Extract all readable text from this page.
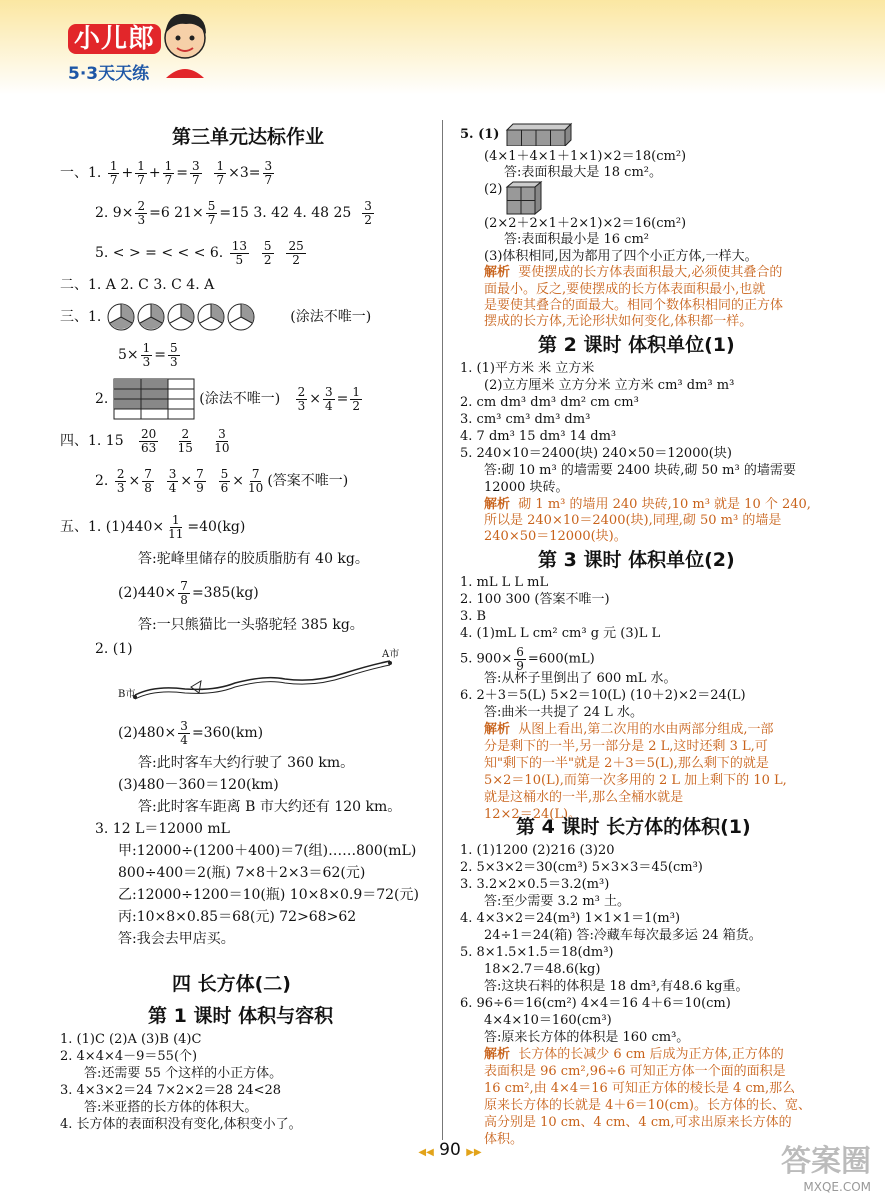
小儿郎
5·3天天练
第三单元达标作业
一、1. $\frac{1}{7} + \frac{1}{7} + \frac{1}{7} = \frac{3}{7}$
$\frac{1}{7} \times 3= \frac{3}{7}$
2. $9\times \frac{2}{3} =6$ $21\times \frac{5}{7} =15$ 3. 42 4. 48 $25 \frac{3}{2}$
5. < > = < < < 6. $\frac{13}{5}$
$\frac{5}{2}$
$\frac{25}{2}$
二、1. A 2. C 3. C 4. A
三、1.	(涂法不唯一)
$5\times \frac{1}{3} = \frac{5}{3}$
2.	(涂法不唯一) $\frac{2}{3} \times \frac{3}{4} = \frac{1}{2}$
四、1. $15 \frac{20}{63}$
$\frac{2}{15}$
$\frac{3}{10}$
2. $\frac{2}{3} \times \frac{7}{8}$
$\frac{3}{4} \times \frac{7}{9}$
$\frac{5}{6} \times \frac{7}{10}$ (答案不唯一)
五、1. $(1)440\times \frac{1}{11} =40(kg)$
答:驼峰里储存的胶质脂肪有 40 kg。
$(2)440\times \frac{7}{8} =385(kg)$
答:一只熊猫比一头骆驼轻 385 kg。
2. (1)	A市
B市
$(2)480\times \frac{3}{4} =360(km)$
答:此时客车大约行驶了 360 km。
(3)480－360＝120(km)
答:此时客车距离 B 市大约还有 120 km。
3. 12 L＝12000 mL
甲:12000÷(1200＋400)＝7(组)……800(mL)
800÷400＝2(瓶) 7×8＋2×3＝62(元)
乙:12000÷1200＝10(瓶) 10×8×0.9＝72(元)
丙:10×8×0.85＝68(元) 72>68>62
答:我会去甲店买。
四 长方体(二)
第 1 课时 体积与容积
1. (1)C (2)A (3)B (4)C
2. 4×4×4－9＝55(个)
答:还需要 55 个这样的小正方体。
3. 4×3×2＝24 7×2×2＝28 24<28
答:米亚搭的长方体的体积大。
4. 长方体的表面积没有变化,体积变小了。
5. (1)
(4×1＋4×1＋1×1)×2＝18(cm²)
答:表面积最大是 18 cm²。
(2)
(2×2＋2×1＋2×1)×2＝16(cm²)
答:表面积最小是 16 cm²
(3)体积相同,因为都用了四个小正方体,一样大。
解析 要使摆成的长方体表面积最大,必须使其叠合的
面最小。反之,要使摆成的长方体表面积最小,也就
是要使其叠合的面最大。相同个数体积相同的正方体
摆成的长方体,无论形状如何变化,体积都一样。
第 2 课时 体积单位(1)
1. (1)平方米 米 立方米
(2)立方厘米 立方分米 立方米 cm³ dm³ m³
2. cm dm³ dm³ dm² cm cm³
3. cm³ cm³ dm³ dm³
4. 7 dm³ 15 dm³ 14 dm³
5. 240×10＝2400(块) 240×50＝12000(块)
答:砌 10 m³ 的墙需要 2400 块砖,砌 50 m³ 的墙需要
12000 块砖。
解析 砌 1 m³ 的墙用 240 块砖,10 m³ 就是 10 个 240,
所以是 240×10＝2400(块),同理,砌 50 m³ 的墙是
240×50＝12000(块)。
第 3 课时 体积单位(2)
1. mL L L mL
2. 100 300 (答案不唯一)
3. B
4. (1)mL L cm² cm³ g 元 (3)L L
5. $900\times \frac{6}{9} =600(mL)$
答:从杯子里倒出了 600 mL 水。
6. 2＋3＝5(L) 5×2＝10(L) (10＋2)×2＝24(L)
答:曲米一共提了 24 L 水。
解析 从图上看出,第二次用的水由两部分组成,一部
分是剩下的一半,另一部分是 2 L,这时还剩 3 L,可
知"剩下的一半"就是 2＋3＝5(L),那么剩下的就是
5×2＝10(L),而第一次多用的 2 L 加上剩下的 10 L,
就是这桶水的一半,那么全桶水就是
12×2＝24(L)。
第 4 课时 长方体的体积(1)
1. (1)1200 (2)216 (3)20
2. 5×3×2＝30(cm³) 5×3×3＝45(cm³)
3. 3.2×2×0.5＝3.2(m³)
答:至少需要 3.2 m³ 土。
4. 4×3×2＝24(m³) 1×1×1＝1(m³)
24÷1＝24(箱) 答:冷藏车每次最多运 24 箱货。
5. 8×1.5×1.5＝18(dm³)
18×2.7＝48.6(kg)
答:这块石料的体积是 18 dm³,有48.6 kg重。
6. 96÷6＝16(cm²) 4×4＝16 4＋6＝10(cm)
4×4×10＝160(cm³)
答:原来长方体的体积是 160 cm³。
解析 长方体的长减少 6 cm 后成为正方体,正方体的
表面积是 96 cm²,96÷6 可知正方体一个面的面积是
16 cm²,由 4×4＝16 可知正方体的棱长是 4 cm,那么
原来长方体的长就是 4＋6＝10(cm)。长方体的长、宽、
高分别是 10 cm、4 cm、4 cm,可求出原来长方体的
体积。
◀◀ 90 ▶▶	答案圈
MXQE.COM
